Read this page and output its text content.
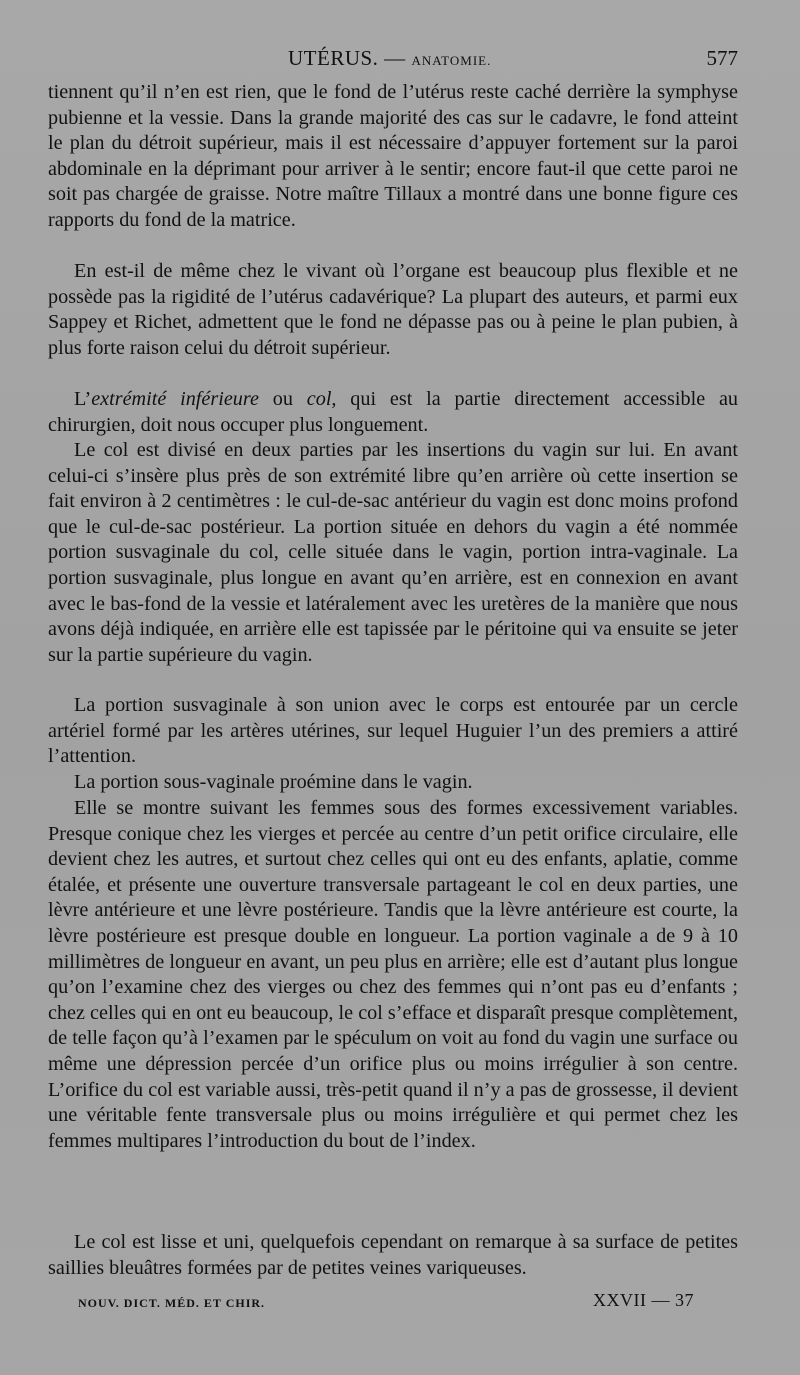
UTÉRUS. — ANATOMIE.	577

tiennent qu’il n’en est rien, que le fond de l’utérus reste caché derrière la symphyse pubienne et la vessie. Dans la grande majorité des cas sur le cadavre, le fond atteint le plan du détroit supérieur, mais il est nécessaire d’appuyer fortement sur la paroi abdominale en la déprimant pour arriver à le sentir; encore faut-il que cette paroi ne soit pas chargée de graisse. Notre maître Tillaux a montré dans une bonne figure ces rapports du fond de la matrice.

En est-il de même chez le vivant où l’organe est beaucoup plus flexible et ne possède pas la rigidité de l’utérus cadavérique? La plupart des auteurs, et parmi eux Sappey et Richet, admettent que le fond ne dépasse pas ou à peine le plan pubien, à plus forte raison celui du détroit supérieur.

L’extrémité inférieure ou col, qui est la partie directement accessible au chirurgien, doit nous occuper plus longuement.

Le col est divisé en deux parties par les insertions du vagin sur lui. En avant celui-ci s’insère plus près de son extrémité libre qu’en arrière où cette insertion se fait environ à 2 centimètres : le cul-de-sac antérieur du vagin est donc moins profond que le cul-de-sac postérieur. La portion située en dehors du vagin a été nommée portion susvaginale du col, celle située dans le vagin, portion intra-vaginale. La portion susvaginale, plus longue en avant qu’en arrière, est en connexion en avant avec le bas-fond de la vessie et latéralement avec les uretères de la manière que nous avons déjà indiquée, en arrière elle est tapissée par le péritoine qui va ensuite se jeter sur la partie supérieure du vagin.

La portion susvaginale à son union avec le corps est entourée par un cercle artériel formé par les artères utérines, sur lequel Huguier l’un des premiers a attiré l’attention.

La portion sous-vaginale proémine dans le vagin.

Elle se montre suivant les femmes sous des formes excessivement variables. Presque conique chez les vierges et percée au centre d’un petit orifice circulaire, elle devient chez les autres, et surtout chez celles qui ont eu des enfants, aplatie, comme étalée, et présente une ouverture transversale partageant le col en deux parties, une lèvre antérieure et une lèvre postérieure. Tandis que la lèvre antérieure est courte, la lèvre postérieure est presque double en longueur. La portion vaginale a de 9 à 10 millimètres de longueur en avant, un peu plus en arrière; elle est d’autant plus longue qu’on l’examine chez des vierges ou chez des femmes qui n’ont pas eu d’enfants ; chez celles qui en ont eu beaucoup, le col s’efface et disparaît presque complètement, de telle façon qu’à l’examen par le spéculum on voit au fond du vagin une surface ou même une dépression percée d’un orifice plus ou moins irrégulier à son centre. L’orifice du col est variable aussi, très-petit quand il n’y a pas de grossesse, il devient une véritable fente transversale plus ou moins irrégulière et qui permet chez les femmes multipares l’introduction du bout de l’index.

Le col est lisse et uni, quelquefois cependant on remarque à sa surface de petites saillies bleuâtres formées par de petites veines variqueuses.

NOUV. DICT. MÉD. ET CHIR.	XXVII — 37
